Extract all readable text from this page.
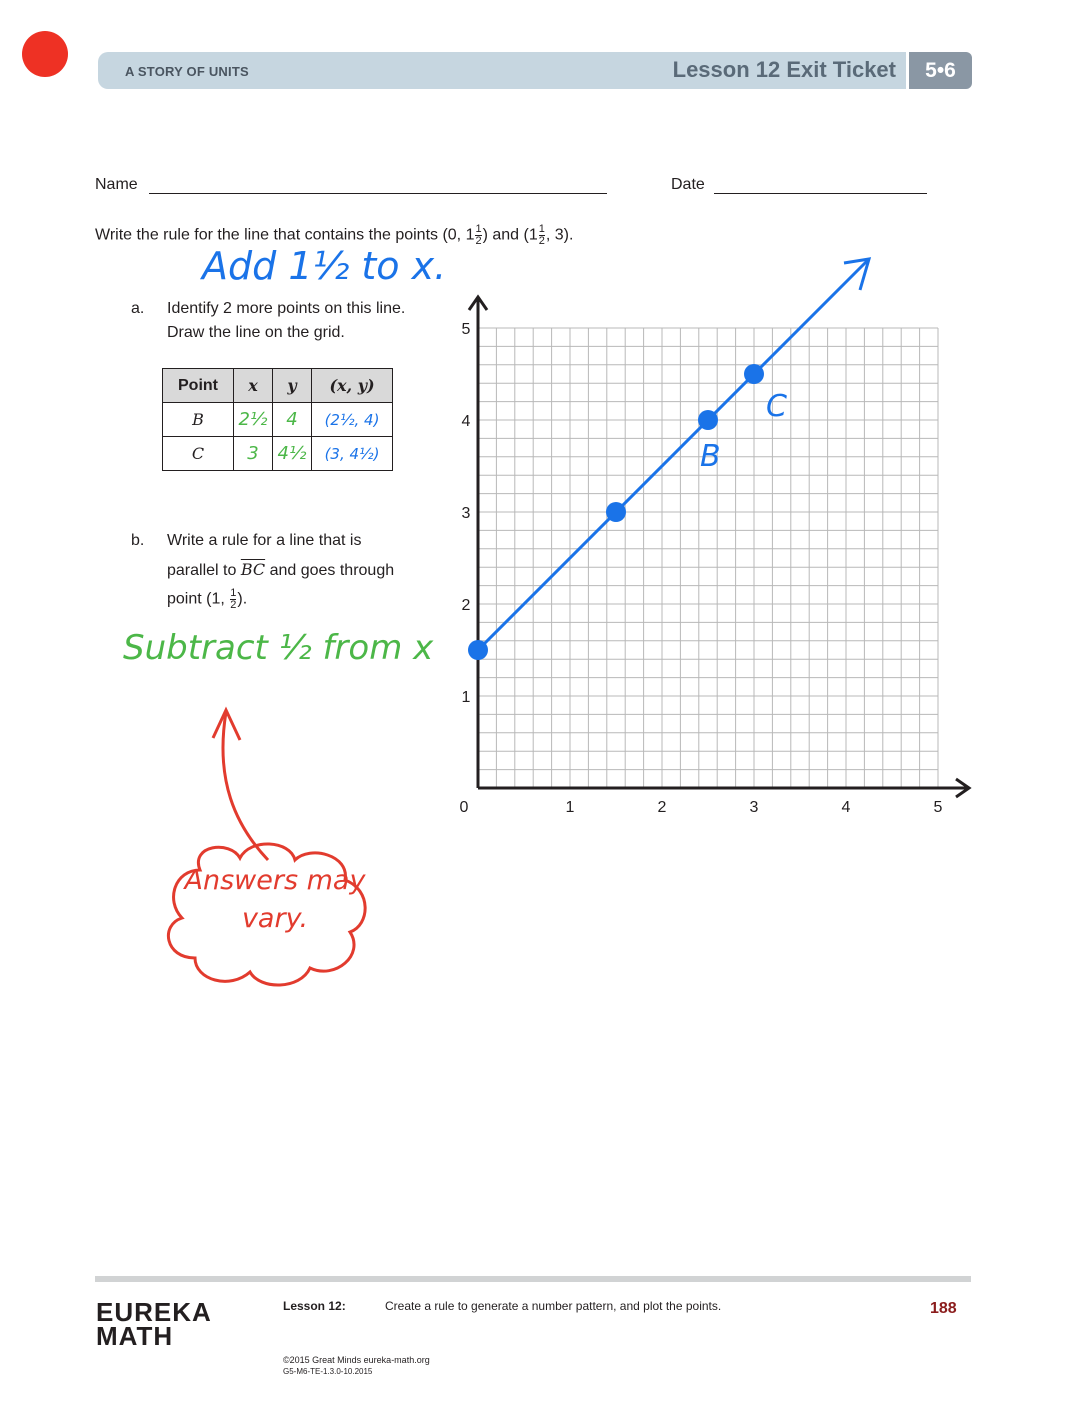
A STORY OF UNITS	Lesson 12 Exit Ticket	5•6
Name	Date
Write the rule for the line that contains the points (0, $1 \frac{1}{2}$ ) and ($1 \frac{1}{2}$ , 3).
Add 1½ to x.
a. Identify 2 more points on this line.
Draw the line on the grid.
Point	x	y	(x, y)
B	2½	4	(2½, 4)
C	3	4½	(3, 4½)
b. Write a rule for a line that is
parallel to $\overline{BC}$ and goes through
point (1, $\frac{1}{2}$ ).
Subtract ½ from x
Answers may vary.
0	1	2	3	4	5
1
2
3
4
5
B
C
EUREKA
MATH
Lesson 12:	Create a rule to generate a number pattern, and plot the points.	188
©2015 Great Minds eureka-math.org
G5-M6-TE-1.3.0-10.2015
